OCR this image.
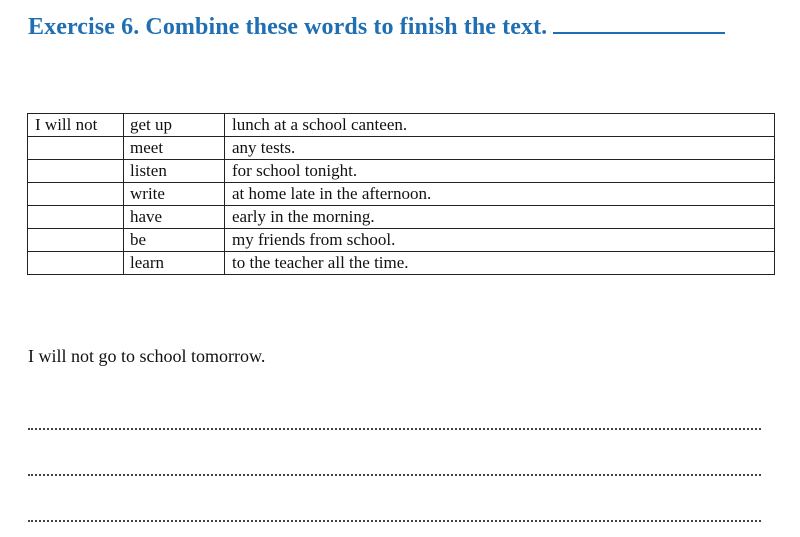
Exercise 6. Combine these words to finish the text.
I will not	get up	lunch at a school canteen.
	meet	any tests.
	listen	for school tonight.
	write	at home late in the afternoon.
	have	early in the morning.
	be	my friends from school.
	learn	to the teacher all the time.
I will not go to school tomorrow.
